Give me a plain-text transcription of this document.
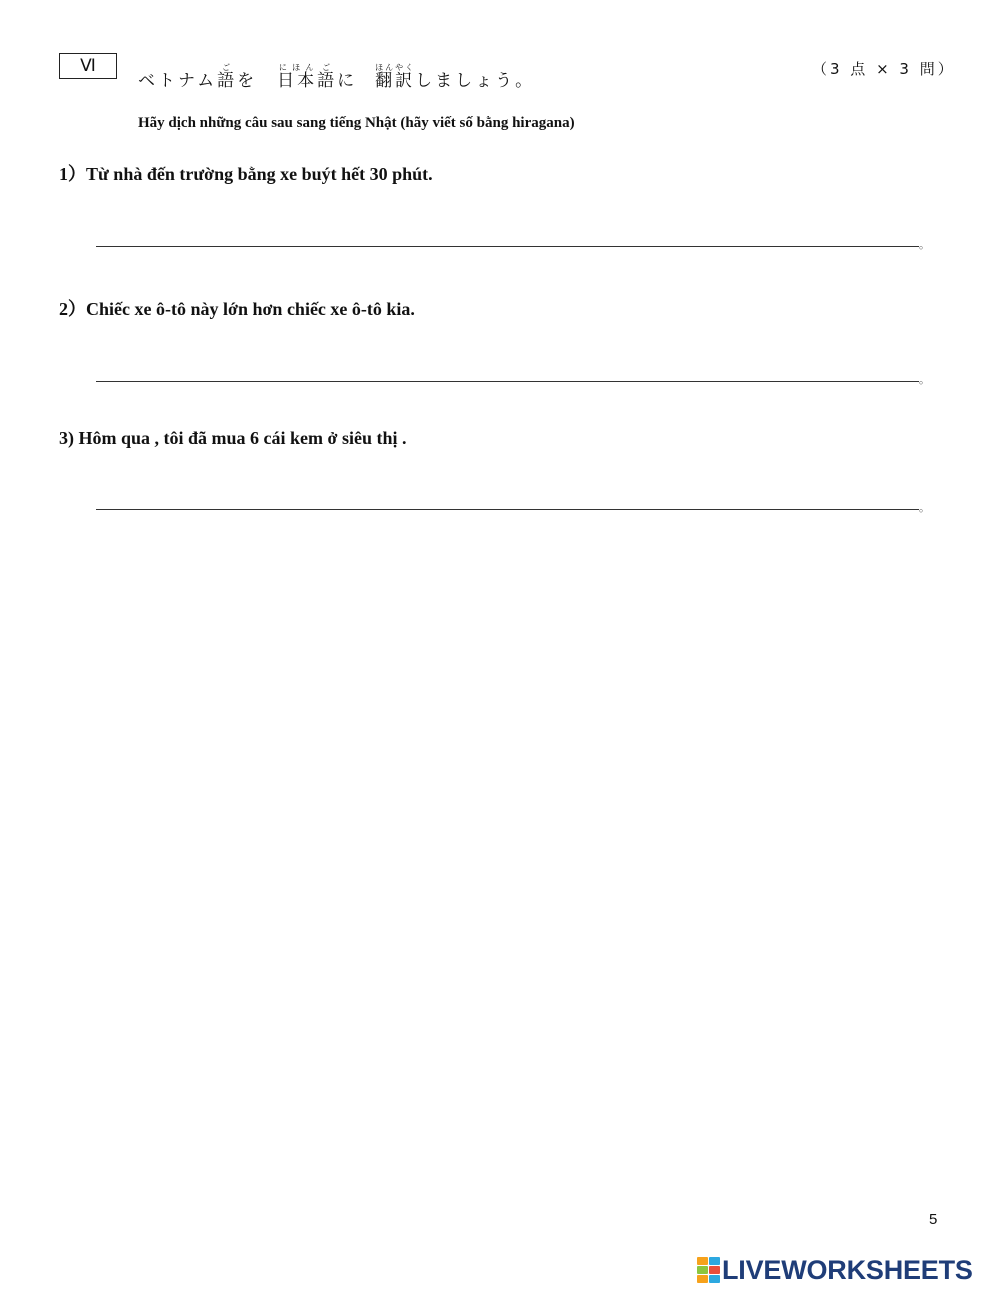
Ⅵ
ベトナム 語ご
を 日本にほん
語ご
に 翻訳ほんやく
しましょう。
（3 点 × 3 問）
Hãy dịch những câu sau sang tiếng Nhật (hãy viết số bằng hiragana)
1）Từ nhà đến trường bằng xe buýt hết 30 phút.
。
2）Chiếc xe ô-tô này lớn hơn chiếc xe ô-tô kia.
。
3) Hôm qua , tôi đã mua 6 cái kem ở siêu thị .
。
5
LIVEWORKSHEETS
